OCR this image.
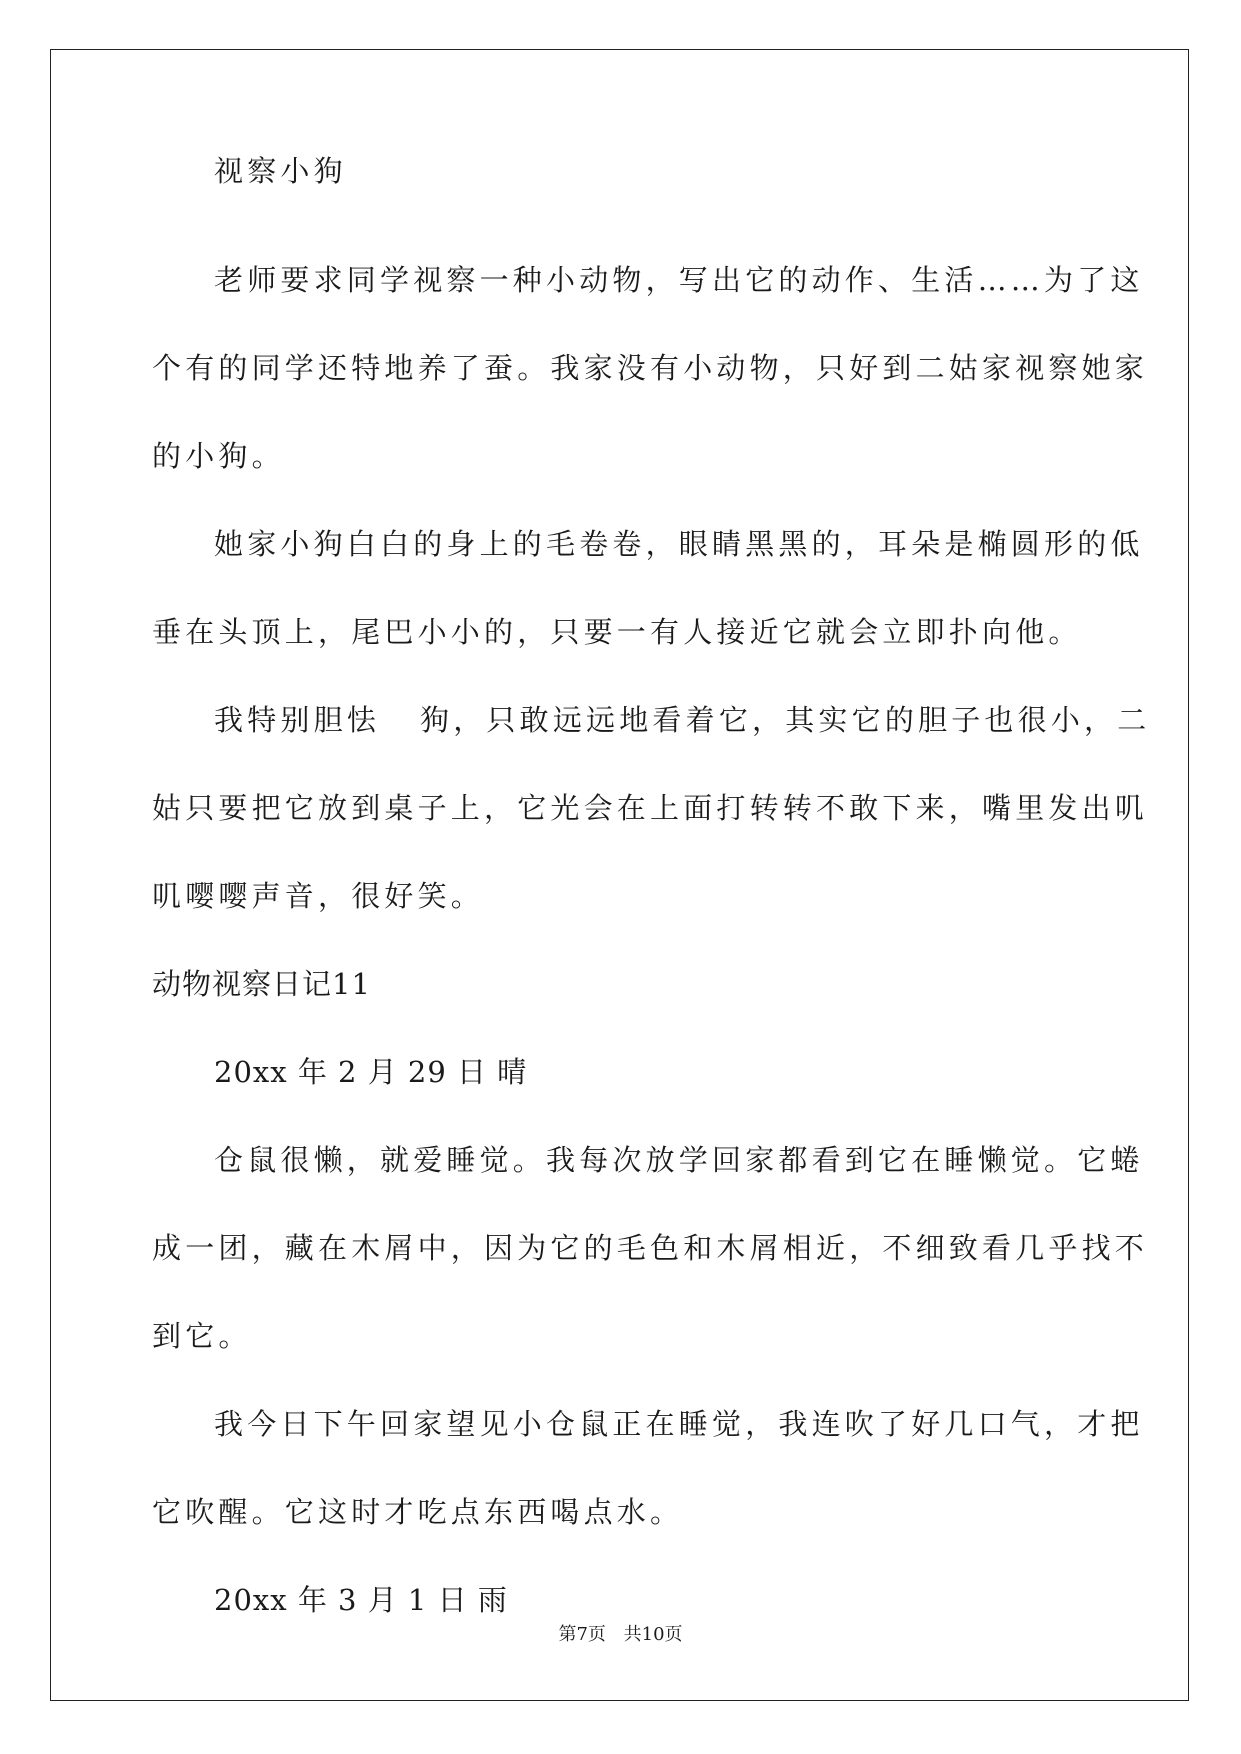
视察小狗
老师要求同学视察一种小动物，写出它的动作、生活……为了这
个有的同学还特地养了蚕。我家没有小动物，只好到二姑家视察她家
的小狗。
她家小狗白白的身上的毛卷卷，眼睛黑黑的，耳朵是椭圆形的低
垂在头顶上，尾巴小小的，只要一有人接近它就会立即扑向他。
我特别胆怯 狗，只敢远远地看着它，其实它的胆子也很小，二
姑只要把它放到桌子上，它光会在上面打转转不敢下来，嘴里发出叽
叽嘤嘤声音，很好笑。
动物视察日记11
20xx 年 2 月 29 日 晴
仓鼠很懒，就爱睡觉。我每次放学回家都看到它在睡懒觉。它蜷
成一团，藏在木屑中，因为它的毛色和木屑相近，不细致看几乎找不
到它。
我今日下午回家望见小仓鼠正在睡觉，我连吹了好几口气，才把
它吹醒。它这时才吃点东西喝点水。
20xx 年 3 月 1 日 雨
第7页 共10页
